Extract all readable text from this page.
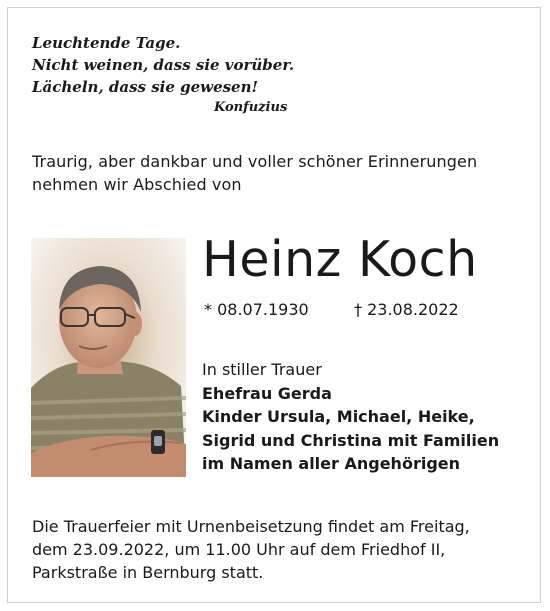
Leuchtende Tage.
Nicht weinen, dass sie vorüber.
Lächeln, dass sie gewesen!
Konfuzius
Traurig, aber dankbar und voller schöner Erinnerungen
nehmen wir Abschied von
Heinz Koch
* 08.07.1930	† 23.08.2022
In stiller Trauer
Ehefrau Gerda
Kinder Ursula, Michael, Heike,
Sigrid und Christina mit Familien
im Namen aller Angehörigen
Die Trauerfeier mit Urnenbeisetzung findet am Freitag,
dem 23.09.2022, um 11.00 Uhr auf dem Friedhof II,
Parkstraße in Bernburg statt.
